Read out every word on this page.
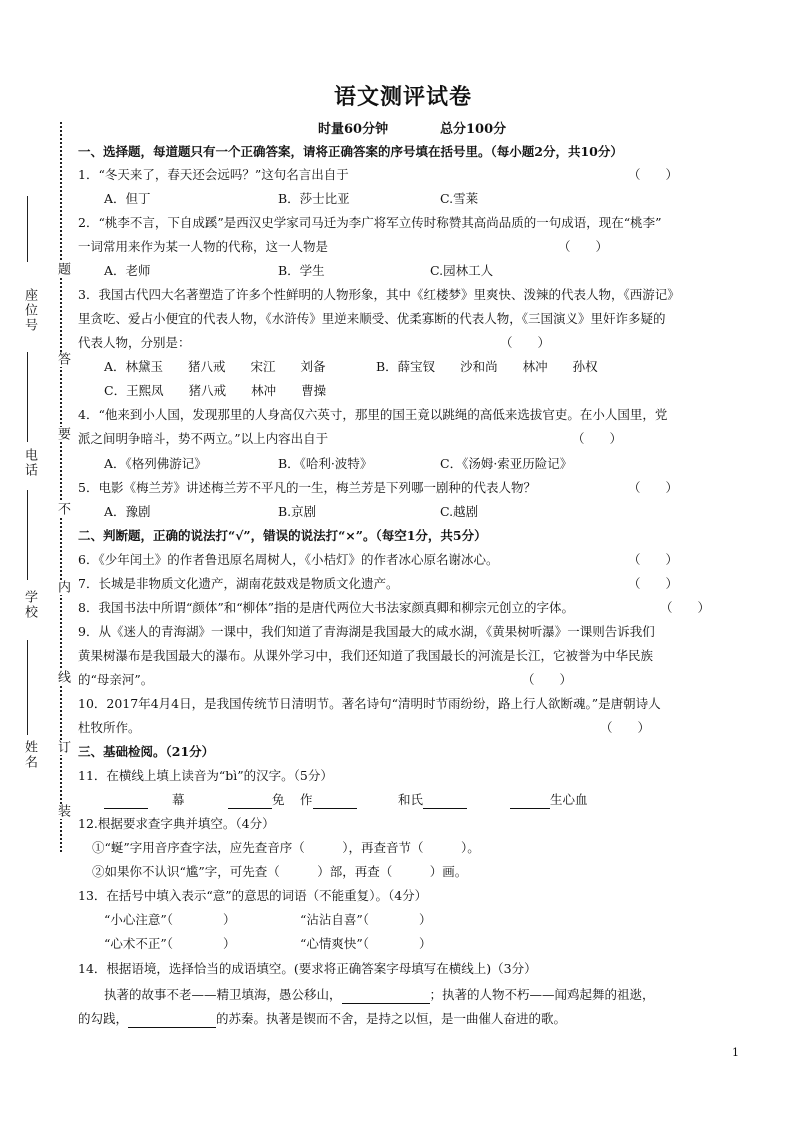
座位号
电话
学校
姓名
题
答
要
不
内
线
订
装
语文测评试卷
时量60分钟	总分100分
一、选择题，每道题只有一个正确答案，请将正确答案的序号填在括号里。（每小题2分，共10分）
1．“冬天来了，春天还会远吗？”这句名言出自于	（　　）
A．但丁	B．莎士比亚	C.雪莱
2．“桃李不言，下自成蹊”是西汉史学家司马迁为李广将军立传时称赞其高尚品质的一句成语，现在“桃李”
一词常用来作为某一人物的代称，这一人物是	（　　）
A．老师	B．学生	C.园林工人
3．我国古代四大名著塑造了许多个性鲜明的人物形象，其中《红楼梦》里爽快、泼辣的代表人物，《西游记》
里贪吃、爱占小便宜的代表人物，《水浒传》里逆来顺受、优柔寡断的代表人物，《三国演义》里奸诈多疑的
代表人物，分别是：	（　　）
A．林黛玉　　猪八戒　　宋江　　刘备	B．薛宝钗　　沙和尚　　林冲　　孙权
C．王熙凤　　猪八戒　　林冲　　曹操
4．“他来到小人国，发现那里的人身高仅六英寸，那里的国王竟以跳绳的高低来选拔官吏。在小人国里，党
派之间明争暗斗，势不两立。”以上内容出自于	（　　）
A．《格列佛游记》	B．《哈利·波特》	C．《汤姆·索亚历险记》
5．电影《梅兰芳》讲述梅兰芳不平凡的一生，梅兰芳是下列哪一剧种的代表人物？	（　　）
A．豫剧	B.京剧	C.越剧
二、判断题，正确的说法打“√”，错误的说法打“×”。（每空1分，共5分）
6．《少年闰土》的作者鲁迅原名周树人，《小桔灯》的作者冰心原名谢冰心。	（　　）
7．长城是非物质文化遗产，湖南花鼓戏是物质文化遗产。	（　　）
8．我国书法中所谓“颜体”和“柳体”指的是唐代两位大书法家颜真卿和柳宗元创立的字体。	（　　）
9．从《迷人的青海湖》一课中，我们知道了青海湖是我国最大的咸水湖，《黄果树听瀑》一课则告诉我们
黄果树瀑布是我国最大的瀑布。从课外学习中，我们还知道了我国最长的河流是长江，它被誉为中华民族
的“母亲河”。	（　　）
10．2017年4月4日，是我国传统节日清明节。著名诗句“清明时节雨纷纷，路上行人欲断魂。”是唐朝诗人
杜牧所作。	（　　）
三、基础检阅。（21分）
11．在横线上填上读音为“bì”的汉字。（5分）
幕	免 作	和氏	生心血
12.根据要求查字典并填空。（4分）
①“蜒”字用音序查字法，应先查音序（　　　），再查音节（　　　）。
②如果你不认识“尴”字，可先查（　　　）部，再查（　　　）画。
13．在括号中填入表示“意”的意思的词语（不能重复）。（4分）
“小心注意”（　　　　）	“沾沾自喜”（　　　　）
“心术不正”（　　　　）	“心情爽快”（　　　　）
14．根据语境，选择恰当的成语填空。(要求将正确答案字母填写在横线上)（3分）
执著的故事不老——精卫填海，愚公移山，	；执著的人物不朽——闻鸡起舞的祖逖，
的勾践，	的苏秦。执著是锲而不舍，是持之以恒，是一曲催人奋进的歌。
1
